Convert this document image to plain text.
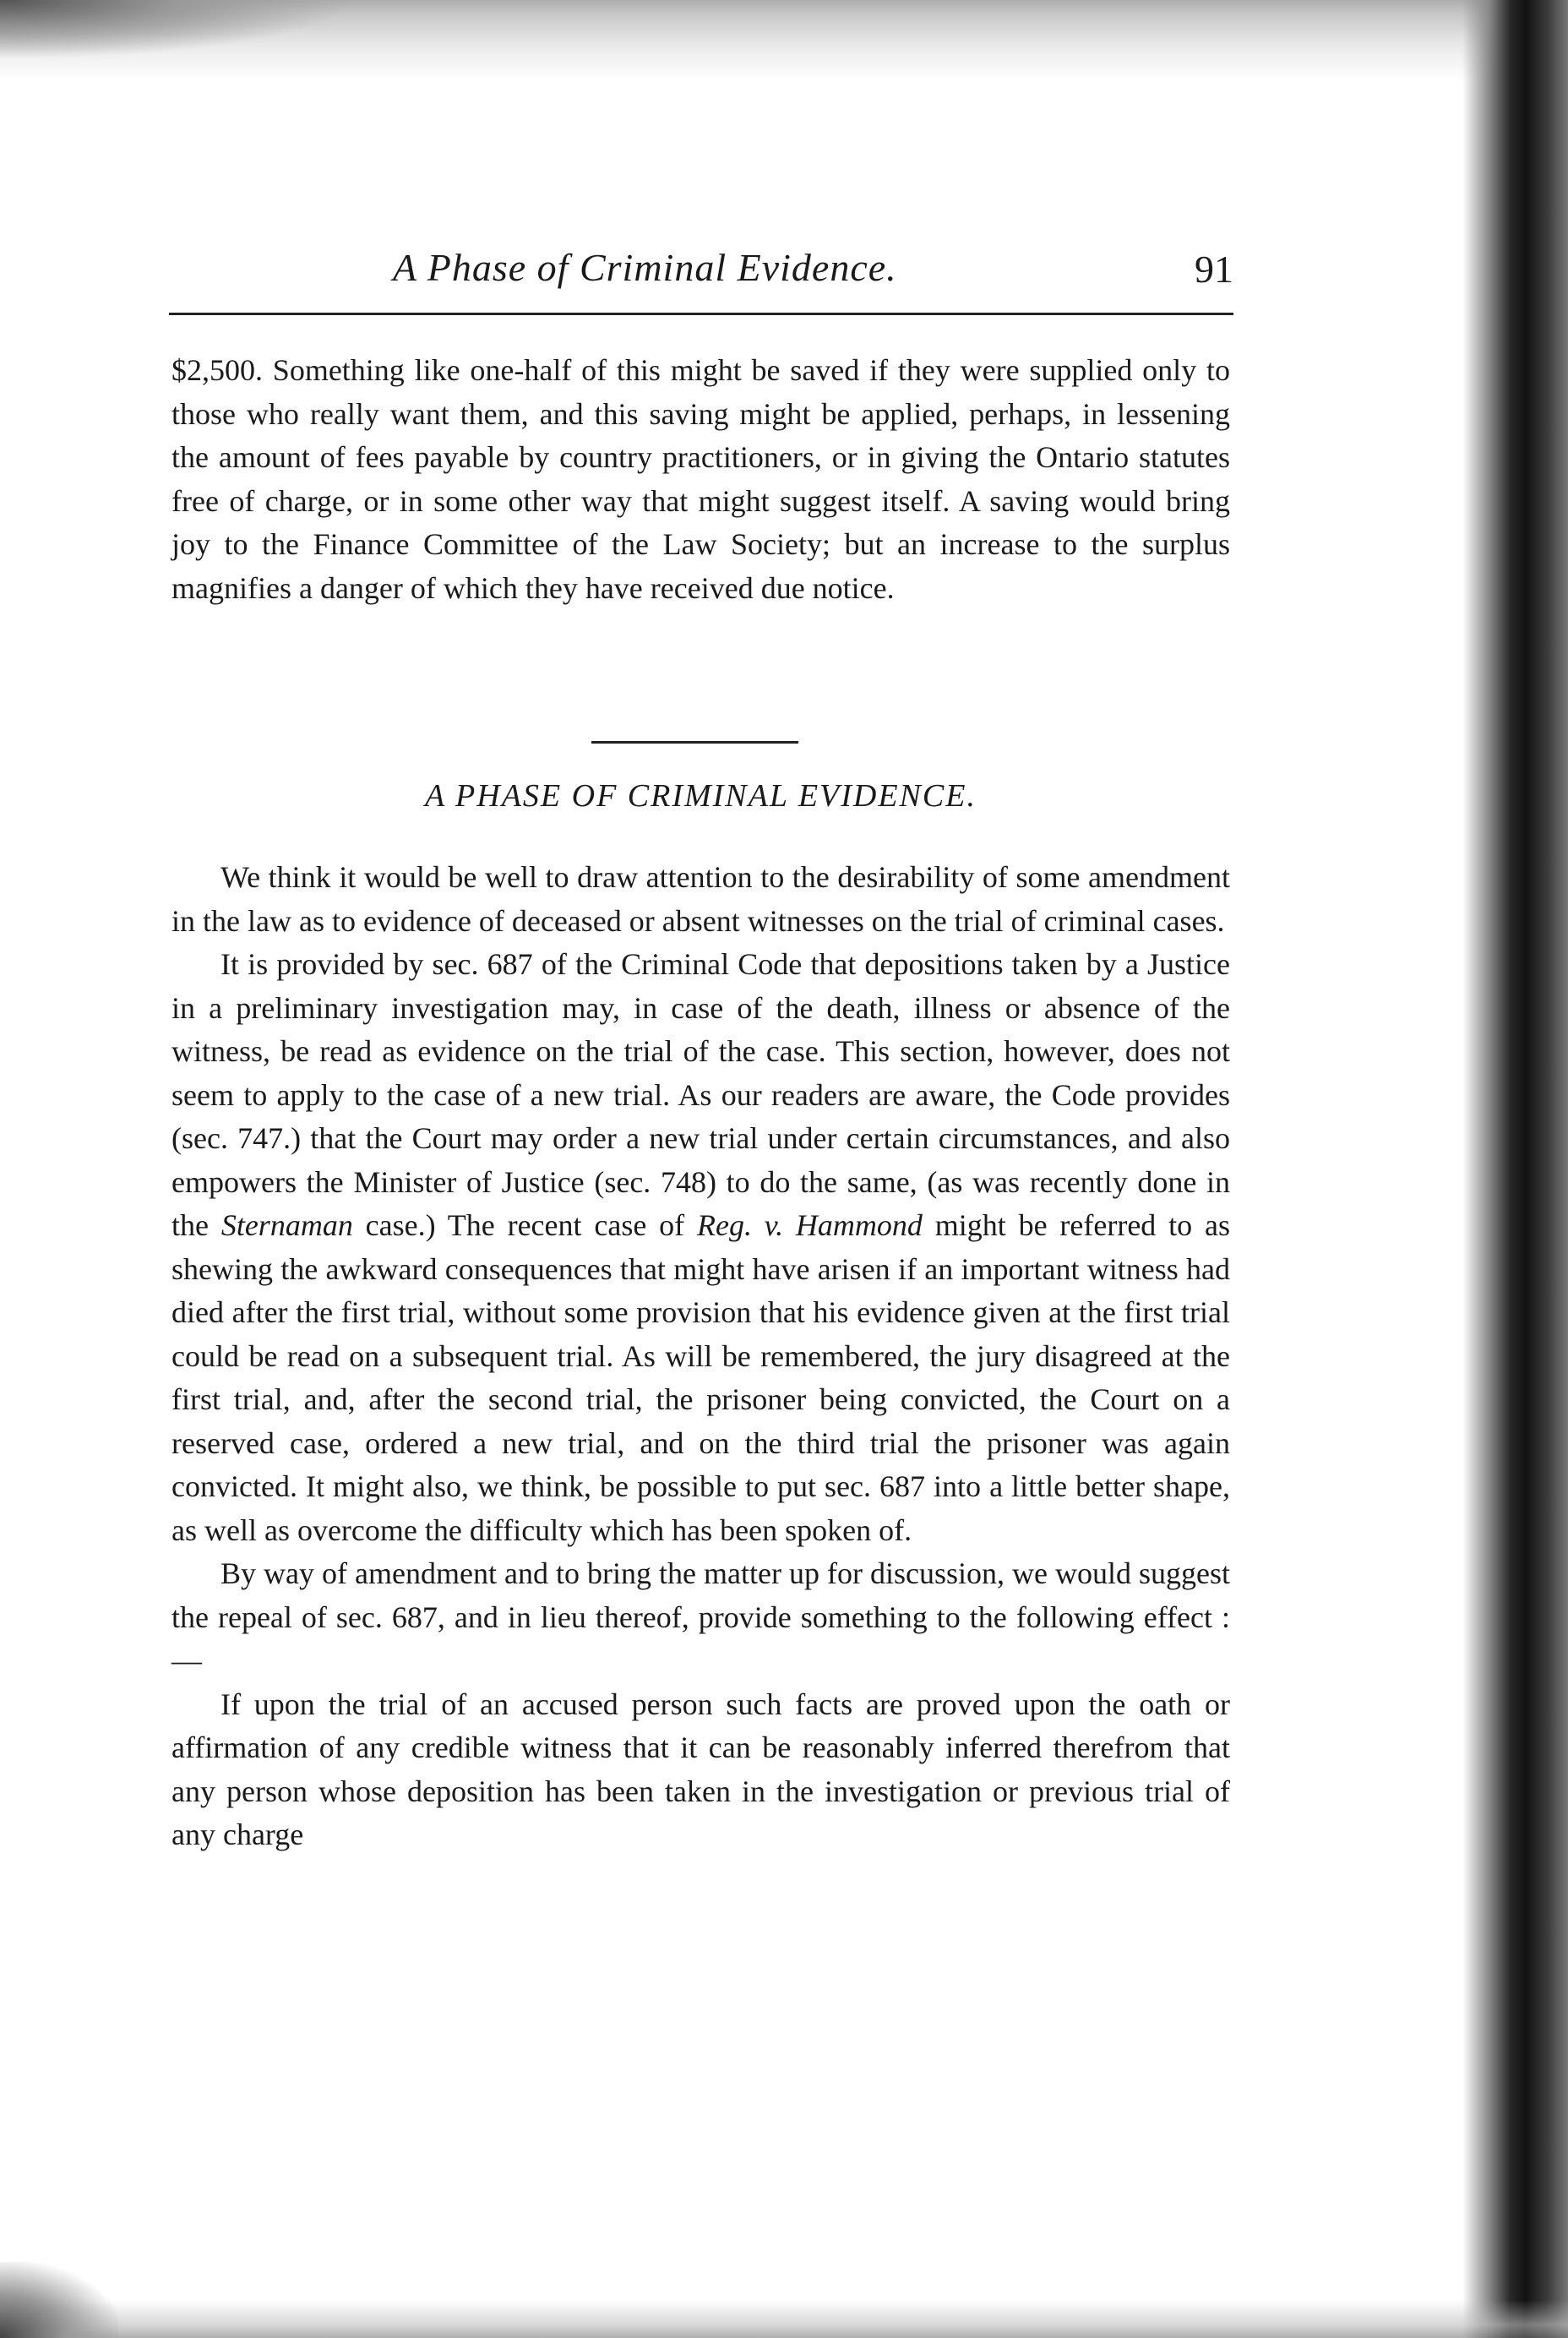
A Phase of Criminal Evidence.	91

$2,500. Something like one-half of this might be saved if they were supplied only to those who really want them, and this saving might be applied, perhaps, in lessening the amount of fees payable by country practitioners, or in giving the Ontario statutes free of charge, or in some other way that might suggest itself. A saving would bring joy to the Finance Committee of the Law Society; but an increase to the surplus magnifies a danger of which they have received due notice.

A PHASE OF CRIMINAL EVIDENCE.

We think it would be well to draw attention to the desirability of some amendment in the law as to evidence of deceased or absent witnesses on the trial of criminal cases.

It is provided by sec. 687 of the Criminal Code that depositions taken by a Justice in a preliminary investigation may, in case of the death, illness or absence of the witness, be read as evidence on the trial of the case. This section, however, does not seem to apply to the case of a new trial. As our readers are aware, the Code provides (sec. 747.) that the Court may order a new trial under certain circumstances, and also empowers the Minister of Justice (sec. 748) to do the same, (as was recently done in the Sternaman case.) The recent case of Reg. v. Hammond might be referred to as shewing the awkward consequences that might have arisen if an important witness had died after the first trial, without some provision that his evidence given at the first trial could be read on a subsequent trial. As will be remembered, the jury disagreed at the first trial, and, after the second trial, the prisoner being convicted, the Court on a reserved case, ordered a new trial, and on the third trial the prisoner was again convicted. It might also, we think, be possible to put sec. 687 into a little better shape, as well as overcome the difficulty which has been spoken of.

By way of amendment and to bring the matter up for discussion, we would suggest the repeal of sec. 687, and in lieu thereof, provide something to the following effect :—

If upon the trial of an accused person such facts are proved upon the oath or affirmation of any credible witness that it can be reasonably inferred therefrom that any person whose deposition has been taken in the investigation or previous trial of any charge
